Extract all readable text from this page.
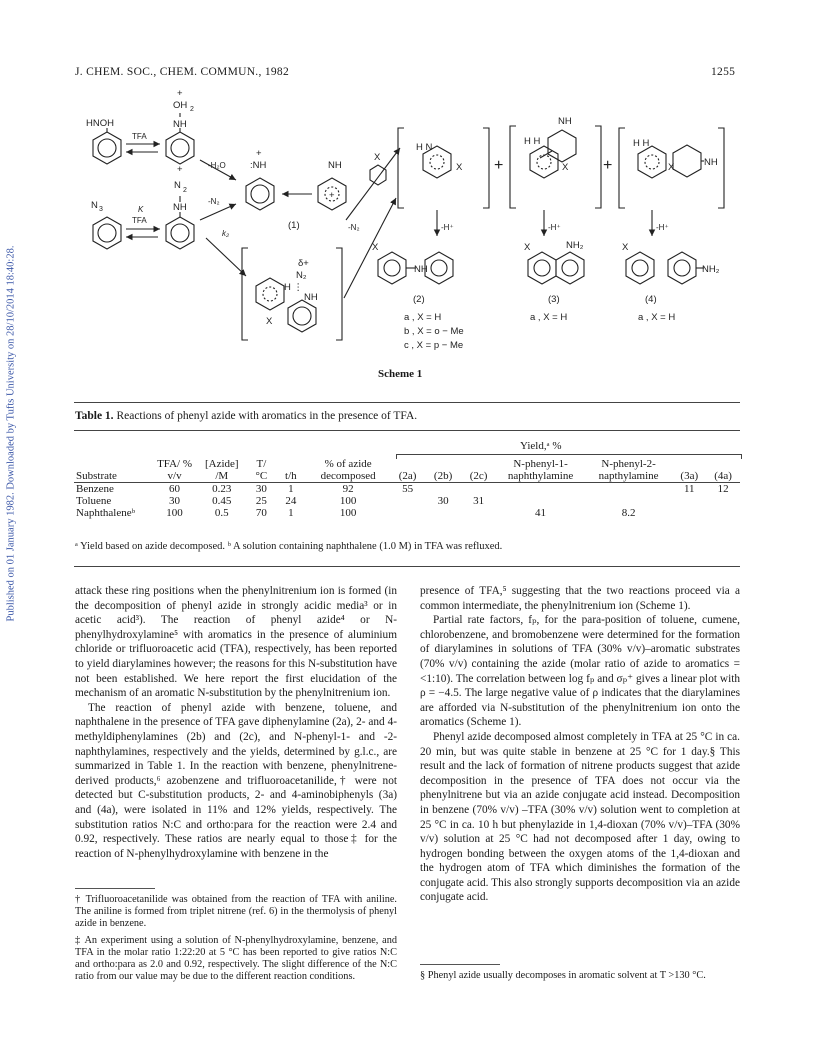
J. CHEM. SOC., CHEM. COMMUN., 1982	1255
Published on 01 January 1982. Downloaded by Tufts University on 28/10/2014 18:40:28.
HNOH
+
OH 2
NH
N 3
TFA
K
TFA
+
N 2
NH
-H₂O
-N₂
-N₂
k₂
+
:NH	NH
+
(1)
X
H N
X
δ+
N₂
H ⋮
NH
X
NH
H H
X
H H
NH
+	+	X
-H⁺	-H⁺	-H⁺
X
NH
X	NH₂	X
NH₂
(2)	(3)	(4)
a , X = H
b , X = o − Me
c , X = p − Me
a , X = H	a , X = H
Scheme 1
Table 1. Reactions of phenyl azide with aromatics in the presence of TFA.
Yield,ᵃ %
Substrate	TFA/ % v/v	[Azide] /M	T/ °C	t/h	% of azide decomposed	(2a)	(2b)	(2c)	N-phenyl-1- naphthylamine	N-phenyl-2- napthylamine	(3a)	(4a)
Benzene	60	0.23	30	1	92	55					11	12
Toluene	30	0.45	25	24	100		30	31				
Naphthaleneᵇ	100	0.5	70	1	100				41	8.2		
ᵃ Yield based on azide decomposed. ᵇ A solution containing naphthalene (1.0 M) in TFA was refluxed.

attack these ring positions when the phenylnitrenium ion is formed (in the decomposition of phenyl azide in strongly acidic media³ or in acetic acid³). The reaction of phenyl azide⁴ or N-phenylhydroxylamine⁵ with aromatics in the presence of aluminium chloride or trifluoroacetic acid (TFA), respectively, has been reported to yield diarylamines however; the reasons for this N-substitution have not been established. We here report the first elucidation of the mechanism of an aromatic N-substitution by the phenylnitrenium ion.

The reaction of phenyl azide with benzene, toluene, and naphthalene in the presence of TFA gave diphenylamine (2a), 2- and 4-methyldiphenylamines (2b) and (2c), and N-phenyl-1- and -2-naphthylamines, respectively and the yields, determined by g.l.c., are summarized in Table 1. In the reaction with benzene, phenylnitrene-derived products,⁶ azobenzene and trifluoroacetanilide,† were not detected but C-substitution products, 2- and 4-aminobiphenyls (3a) and (4a), were isolated in 11% and 12% yields, respectively. The substitution ratios N:C and ortho:para for the reaction were 2.4 and 0.92, respectively. These ratios are nearly equal to those‡ for the reaction of N-phenylhydroxylamine with benzene in the

† Trifluoroacetanilide was obtained from the reaction of TFA with aniline. The aniline is formed from triplet nitrene (ref. 6) in the thermolysis of phenyl azide in benzene.

‡ An experiment using a solution of N-phenylhydroxylamine, benzene, and TFA in the molar ratio 1:22:20 at 5 °C has been reported to give ratios N:C and ortho:para as 2.0 and 0.92, respectively. The slight difference of the N:C ratio from our value may be due to the different reaction conditions.

presence of TFA,⁵ suggesting that the two reactions proceed via a common intermediate, the phenylnitrenium ion (Scheme 1).

Partial rate factors, fₚ, for the para-position of toluene, cumene, chlorobenzene, and bromobenzene were determined for the formation of diarylamines in solutions of TFA (30% v/v)–aromatic substrates (70% v/v) containing the azide (molar ratio of azide to aromatics = <1:10). The correlation between log fₚ and σₚ⁺ gives a linear plot with ρ = −4.5. The large negative value of ρ indicates that the diarylamines are afforded via N-substitution of the phenylnitrenium ion onto the aromatics (Scheme 1).

Phenyl azide decomposed almost completely in TFA at 25 °C in ca. 20 min, but was quite stable in benzene at 25 °C for 1 day.§ This result and the lack of formation of nitrene products suggest that azide decomposition in the presence of TFA does not occur via the phenylnitrene but via an azide conjugate acid instead. Decomposition in benzene (70% v/v) –TFA (30% v/v) solution went to completion at 25 °C in ca. 10 h but phenylazide in 1,4-dioxan (70% v/v)–TFA (30% v/v) solution at 25 °C had not decomposed after 1 day, owing to hydrogen bonding between the oxygen atoms of the 1,4-dioxan and the hydrogen atom of TFA which diminishes the formation of the conjugate acid. This also strongly supports decomposition via an azide conjugate acid.

§ Phenyl azide usually decomposes in aromatic solvent at T >130 °C.
